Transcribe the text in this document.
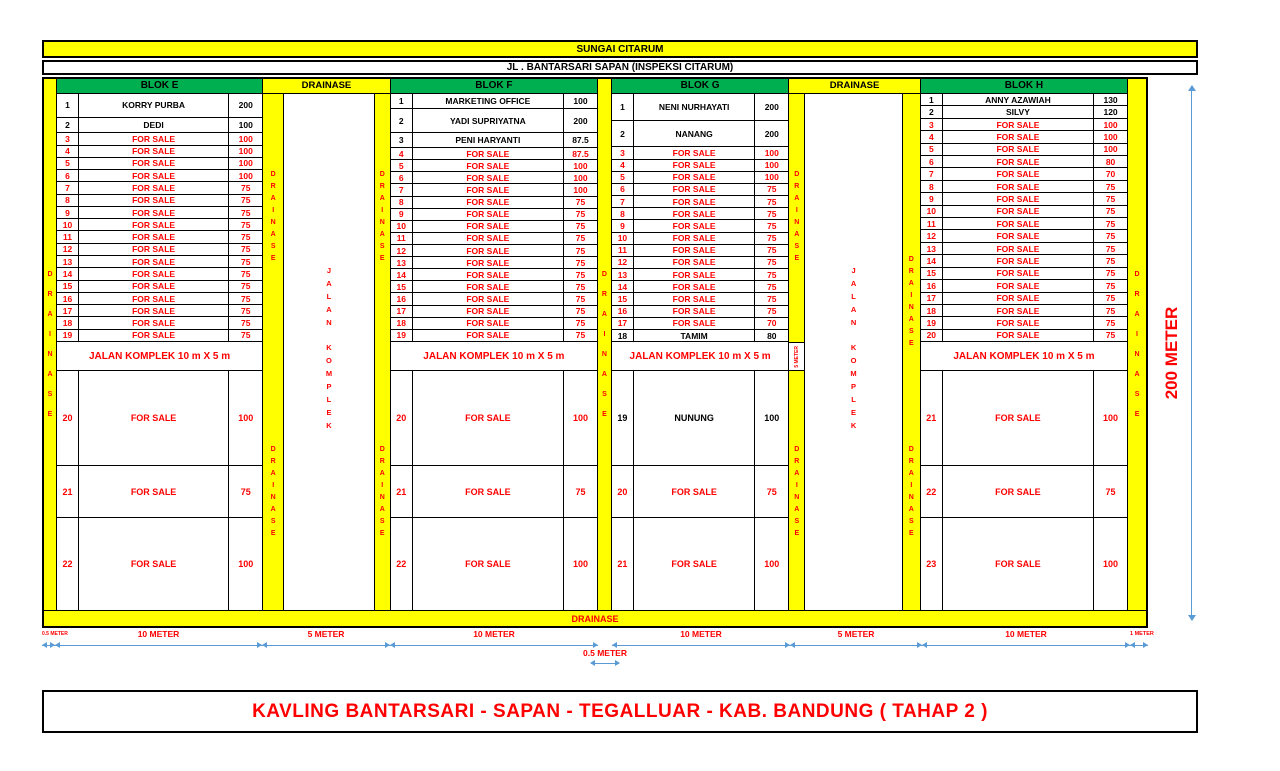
SUNGAI CITARUM
JL . BANTARSARI SAPAN (INSPEKSI CITARUM)
D
R
A
I
N
A
S
E
BLOK E
1	KORRY PURBA	200
2	DEDI	100
3	FOR SALE	100
4	FOR SALE	100
5	FOR SALE	100
6	FOR SALE	100
7	FOR SALE	75
8	FOR SALE	75
9	FOR SALE	75
10	FOR SALE	75
11	FOR SALE	75
12	FOR SALE	75
13	FOR SALE	75
14	FOR SALE	75
15	FOR SALE	75
16	FOR SALE	75
17	FOR SALE	75
18	FOR SALE	75
19	FOR SALE	75
JALAN KOMPLEK 10 m X 5 m
20	FOR SALE	100
21	FOR SALE	75
22	FOR SALE	100
DRAINASE
D
R
A
I
N
A
S
E
D
R
A
I
N
A
S
E
J
A
L
A
N
K
O
M
P
L
E
K
D
R
A
I
N
A
S
E
D
R
A
I
N
A
S
E
BLOK F
1	MARKETING OFFICE	100
2	YADI SUPRIYATNA	200
3	PENI HARYANTI	87.5
4	FOR SALE	87.5
5	FOR SALE	100
6	FOR SALE	100
7	FOR SALE	100
8	FOR SALE	75
9	FOR SALE	75
10	FOR SALE	75
11	FOR SALE	75
12	FOR SALE	75
13	FOR SALE	75
14	FOR SALE	75
15	FOR SALE	75
16	FOR SALE	75
17	FOR SALE	75
18	FOR SALE	75
19	FOR SALE	75
JALAN KOMPLEK 10 m X 5 m
20	FOR SALE	100
21	FOR SALE	75
22	FOR SALE	100
D
R
A
I
N
A
S
E
BLOK G
1	NENI NURHAYATI	200
2	NANANG	200
3	FOR SALE	100
4	FOR SALE	100
5	FOR SALE	100
6	FOR SALE	75
7	FOR SALE	75
8	FOR SALE	75
9	FOR SALE	75
10	FOR SALE	75
11	FOR SALE	75
12	FOR SALE	75
13	FOR SALE	75
14	FOR SALE	75
15	FOR SALE	75
16	FOR SALE	75
17	FOR SALE	70
18	TAMIM	80
JALAN KOMPLEK 10 m X 5 m
19	NUNUNG	100
20	FOR SALE	75
21	FOR SALE	100
DRAINASE
D
R
A
I
N
A
S
E
5 METER
D
R
A
I
N
A
S
E
J
A
L
A
N
K
O
M
P
L
E
K
D
R
A
I
N
A
S
E
D
R
A
I
N
A
S
E
BLOK H
1	ANNY AZAWIAH	130
2	SILVY	120
3	FOR SALE	100
4	FOR SALE	100
5	FOR SALE	100
6	FOR SALE	80
7	FOR SALE	70
8	FOR SALE	75
9	FOR SALE	75
10	FOR SALE	75
11	FOR SALE	75
12	FOR SALE	75
13	FOR SALE	75
14	FOR SALE	75
15	FOR SALE	75
16	FOR SALE	75
17	FOR SALE	75
18	FOR SALE	75
19	FOR SALE	75
20	FOR SALE	75
JALAN KOMPLEK 10 m X 5 m
21	FOR SALE	100
22	FOR SALE	75
23	FOR SALE	100
D
R
A
I
N
A
S
E
DRAINASE
0.5 METER	10 METER	5 METER	10 METER	10 METER	5 METER	10 METER	1 METER
0.5 METER
200 METER
KAVLING BANTARSARI - SAPAN - TEGALLUAR - KAB. BANDUNG ( TAHAP 2 )
